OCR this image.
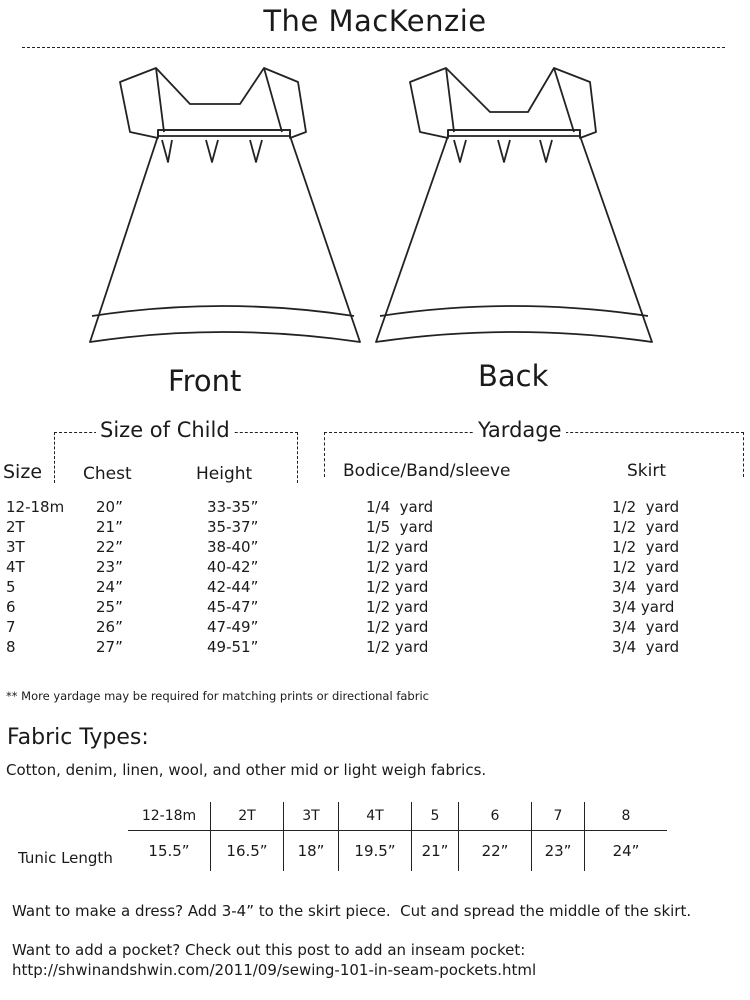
The MacKenzie
Front	Back
Size of Child	Yardage
Size Chest	Height	Bodice/Band/sleeve	Skirt
12-18m 20”	33-35”	1/4  yard	1/2  yard
2T	21”	35-37”	1/5  yard	1/2  yard
3T	22”	38-40”	1/2 yard	1/2  yard
4T	23”	40-42”	1/2 yard	1/2  yard
5	24”	42-44”	1/2 yard	3/4  yard
6	25”	45-47”	1/2 yard	3/4 yard
7	26”	47-49”	1/2 yard	3/4  yard
8	27”	49-51”	1/2 yard	3/4  yard
** More yardage may be required for matching prints or directional fabric
Fabric Types:
Cotton, denim, linen, wool, and other mid or light weigh fabrics.
Tunic Length
12-18m	2T	3T	4T	5	6	7	8
15.5”	16.5”	18”	19.5”	21”	22”	23”	24”
Want to make a dress? Add 3-4” to the skirt piece.  Cut and spread the middle of the skirt.
Want to add a pocket? Check out this post to add an inseam pocket:
http://shwinandshwin.com/2011/09/sewing-101-in-seam-pockets.html
